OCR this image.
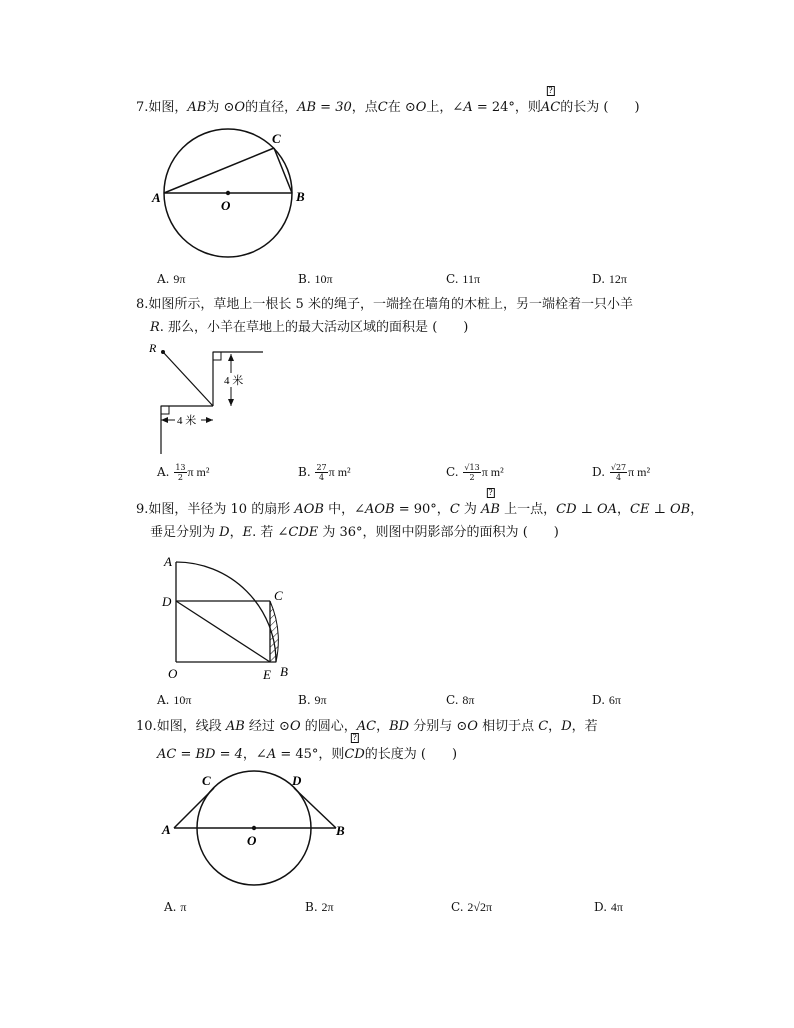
7.如图，AB为 ⊙O的直径，AB = 30，点C在 ⊙O上，∠A = 24°，则
?
AC的长为 (　　)
A
O
B
C
A. 9π	B. 10π	C. 11π	D. 12π
8.如图所示，草地上一根长 5 米的绳子，一端拴在墙角的木桩上，另一端栓着一只小羊
R. 那么，小羊在草地上的最大活动区域的面积是 (　　)
R
4 米
4 米
A. $\frac{13}{2}$ π m²	B. $\frac{27}{4}$ π m²	C. $\frac{√13}{2}$ π m²	D. $\frac{√27}{4}$ π m²
9.如图，半径为 10 的扇形 AOB 中，∠AOB = 90°，C 为
?
AB 上一点，CD ⊥ OA，CE ⊥ OB，
垂足分别为 D，E. 若 ∠CDE 为 36°，则图中阴影部分的面积为 (　　)
A
D	C
O	E B
A. 10π	B. 9π	C. 8π	D. 6π
10.如图，线段 AB 经过 ⊙O 的圆心，AC，BD 分别与 ⊙O 相切于点 C，D，若
AC = BD = 4，∠A = 45°，则
?
CD的长度为 (　　)
A
C
O
D
B
A. π	B. 2π	C. 2√2π	D. 4π
